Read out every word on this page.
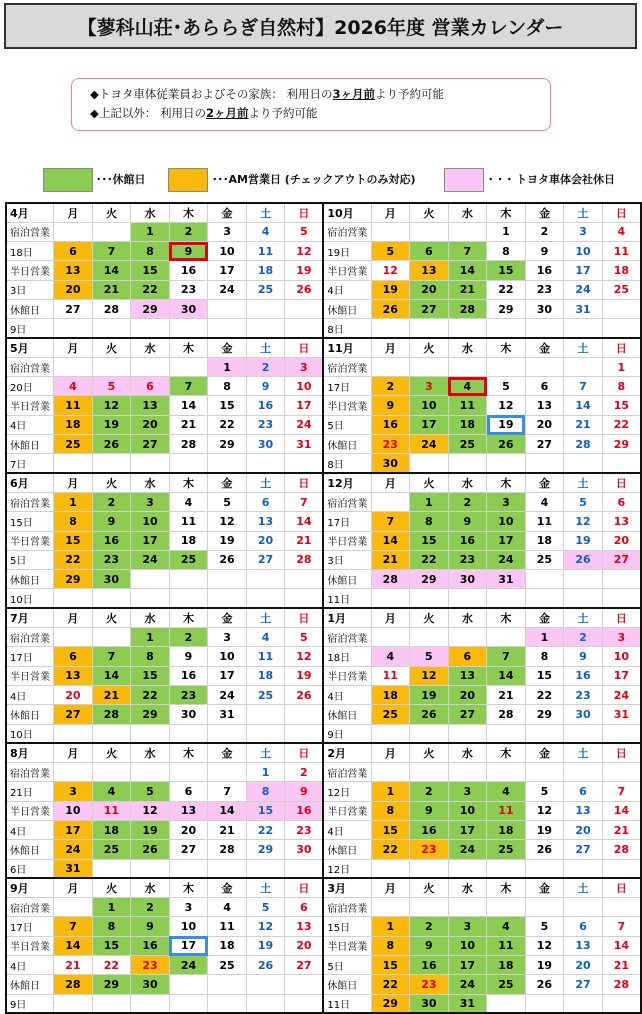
【蓼科山荘･あららぎ自然村】2026年度 営業カレンダー
◆トヨタ車体従業員およびその家族： 利用日の3ヶ月前より予約可能
◆上記以外： 利用日の2ヶ月前より予約可能
･･･休館日	･･･AM営業日 (チェックアウトのみ対応)	･ ･ ･ トヨタ車体会社休日
4月	月	火	水	木	金	土	日	10月	月	火	水	木	金	土	日
宿泊営業			1	2	3	4	5	宿泊営業				1	2	3	4
18日	6	7	8	9	10	11	12	19日	5	6	7	8	9	10	11
半日営業	13	14	15	16	17	18	19	半日営業	12	13	14	15	16	17	18
3日	20	21	22	23	24	25	26	4日	19	20	21	22	23	24	25
休館日	27	28	29	30				休館日	26	27	28	29	30	31	
9日								8日							
5月	月	火	水	木	金	土	日	11月	月	火	水	木	金	土	日
宿泊営業					1	2	3	宿泊営業							1
20日	4	5	6	7	8	9	10	17日	2	3	4	5	6	7	8
半日営業	11	12	13	14	15	16	17	半日営業	9	10	11	12	13	14	15
4日	18	19	20	21	22	23	24	5日	16	17	18	19	20	21	22
休館日	25	26	27	28	29	30	31	休館日	23	24	25	26	27	28	29
7日								8日	30						
6月	月	火	水	木	金	土	日	12月	月	火	水	木	金	土	日
宿泊営業	1	2	3	4	5	6	7	宿泊営業		1	2	3	4	5	6
15日	8	9	10	11	12	13	14	17日	7	8	9	10	11	12	13
半日営業	15	16	17	18	19	20	21	半日営業	14	15	16	17	18	19	20
5日	22	23	24	25	26	27	28	3日	21	22	23	24	25	26	27
休館日	29	30						休館日	28	29	30	31			
10日								11日							
7月	月	火	水	木	金	土	日	1月	月	火	水	木	金	土	日
宿泊営業			1	2	3	4	5	宿泊営業					1	2	3
17日	6	7	8	9	10	11	12	18日	4	5	6	7	8	9	10
半日営業	13	14	15	16	17	18	19	半日営業	11	12	13	14	15	16	17
4日	20	21	22	23	24	25	26	4日	18	19	20	21	22	23	24
休館日	27	28	29	30	31			休館日	25	26	27	28	29	30	31
10日								9日							
8月	月	火	水	木	金	土	日	2月	月	火	水	木	金	土	日
宿泊営業						1	2	宿泊営業							
21日	3	4	5	6	7	8	9	12日	1	2	3	4	5	6	7
半日営業	10	11	12	13	14	15	16	半日営業	8	9	10	11	12	13	14
4日	17	18	19	20	21	22	23	4日	15	16	17	18	19	20	21
休館日	24	25	26	27	28	29	30	休館日	22	23	24	25	26	27	28
6日	31							12日							
9月	月	火	水	木	金	土	日	3月	月	火	水	木	金	土	日
宿泊営業		1	2	3	4	5	6	宿泊営業							
17日	7	8	9	10	11	12	13	15日	1	2	3	4	5	6	7
半日営業	14	15	16	17	18	19	20	半日営業	8	9	10	11	12	13	14
4日	21	22	23	24	25	26	27	5日	15	16	17	18	19	20	21
休館日	28	29	30					休館日	22	23	24	25	26	27	28
9日								11日	29	30	31				
